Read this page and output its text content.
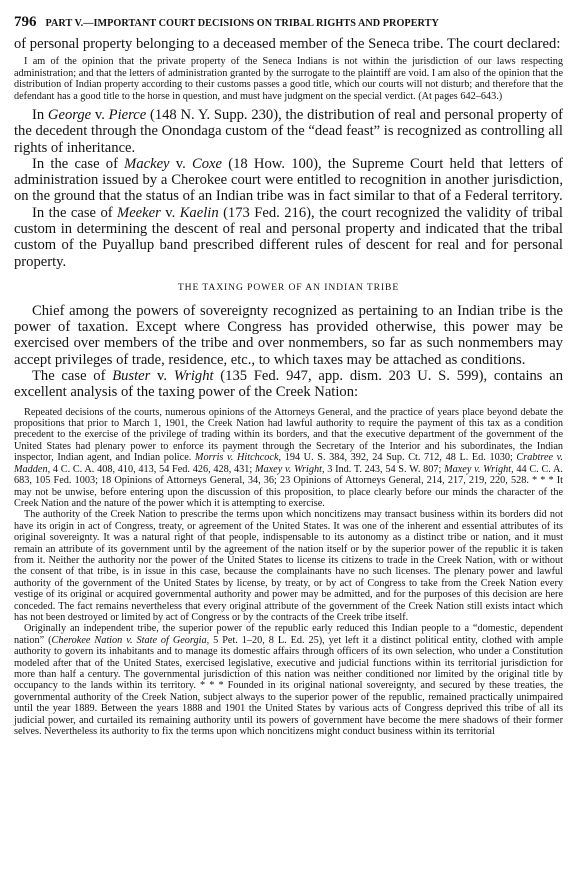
796 PART V.—IMPORTANT COURT DECISIONS ON TRIBAL RIGHTS AND PROPERTY

of personal property belonging to a deceased member of the Seneca tribe. The court declared:

I am of the opinion that the private property of the Seneca Indians is not within the jurisdiction of our laws respecting administration; and that the letters of administration granted by the surrogate to the plaintiff are void. I am also of the opinion that the distribution of Indian property according to their customs passes a good title, which our courts will not disturb; and therefore that the defendant has a good title to the horse in question, and must have judgment on the special verdict. (At pages 642–643.)

In George v. Pierce (148 N. Y. Supp. 230), the distribution of real and personal property of the decedent through the Onondaga custom of the “dead feast” is recognized as controlling all rights of inheritance.

In the case of Mackey v. Coxe (18 How. 100), the Supreme Court held that letters of administration issued by a Cherokee court were entitled to recognition in another jurisdiction, on the ground that the status of an Indian tribe was in fact similar to that of a Federal territory.

In the case of Meeker v. Kaelin (173 Fed. 216), the court recognized the validity of tribal custom in determining the descent of real and personal property and indicated that the tribal custom of the Puyallup band prescribed different rules of descent for real and for personal property.

THE TAXING POWER OF AN INDIAN TRIBE

Chief among the powers of sovereignty recognized as pertaining to an Indian tribe is the power of taxation. Except where Congress has provided otherwise, this power may be exercised over members of the tribe and over nonmembers, so far as such nonmembers may accept privileges of trade, residence, etc., to which taxes may be attached as conditions.

The case of Buster v. Wright (135 Fed. 947, app. dism. 203 U. S. 599), contains an excellent analysis of the taxing power of the Creek Nation:

Repeated decisions of the courts, numerous opinions of the Attorneys General, and the practice of years place beyond debate the propositions that prior to March 1, 1901, the Creek Nation had lawful authority to require the payment of this tax as a condition precedent to the exercise of the privilege of trading within its borders, and that the executive department of the government of the United States had plenary power to enforce its payment through the Secretary of the Interior and his subordinates, the Indian inspector, Indian agent, and Indian police. Morris v. Hitchcock, 194 U. S. 384, 392, 24 Sup. Ct. 712, 48 L. Ed. 1030; Crabtree v. Madden, 4 C. C. A. 408, 410, 413, 54 Fed. 426, 428, 431; Maxey v. Wright, 3 Ind. T. 243, 54 S. W. 807; Maxey v. Wright, 44 C. C. A. 683, 105 Fed. 1003; 18 Opinions of Attorneys General, 34, 36; 23 Opinions of Attorneys General, 214, 217, 219, 220, 528. * * * It may not be unwise, before entering upon the discussion of this proposition, to place clearly before our minds the character of the Creek Nation and the nature of the power which it is attempting to exercise.

The authority of the Creek Nation to prescribe the terms upon which noncitizens may transact business within its borders did not have its origin in act of Congress, treaty, or agreement of the United States. It was one of the inherent and essential attributes of its original sovereignty. It was a natural right of that people, indispensable to its autonomy as a distinct tribe or nation, and it must remain an attribute of its government until by the agreement of the nation itself or by the superior power of the republic it is taken from it. Neither the authority nor the power of the United States to license its citizens to trade in the Creek Nation, with or without the consent of that tribe, is in issue in this case, because the complainants have no such licenses. The plenary power and lawful authority of the government of the United States by license, by treaty, or by act of Congress to take from the Creek Nation every vestige of its original or acquired governmental authority and power may be admitted, and for the purposes of this decision are here conceded. The fact remains nevertheless that every original attribute of the government of the Creek Nation still exists intact which has not been destroyed or limited by act of Congress or by the contracts of the Creek tribe itself.

Originally an independent tribe, the superior power of the republic early reduced this Indian people to a “domestic, dependent nation” (Cherokee Nation v. State of Georgia, 5 Pet. 1–20, 8 L. Ed. 25), yet left it a distinct political entity, clothed with ample authority to govern its inhabitants and to manage its domestic affairs through officers of its own selection, who under a Constitution modeled after that of the United States, exercised legislative, executive and judicial functions within its territorial jurisdiction for more than half a century. The governmental jurisdiction of this nation was neither conditioned nor limited by the original title by occupancy to the lands within its territory. * * * Founded in its original national sovereignty, and secured by these treaties, the governmental authority of the Creek Nation, subject always to the superior power of the republic, remained practically unimpaired until the year 1889. Between the years 1888 and 1901 the United States by various acts of Congress deprived this tribe of all its judicial power, and curtailed its remaining authority until its powers of government have become the mere shadows of their former selves. Nevertheless its authority to fix the terms upon which noncitizens might conduct business within its territorial
